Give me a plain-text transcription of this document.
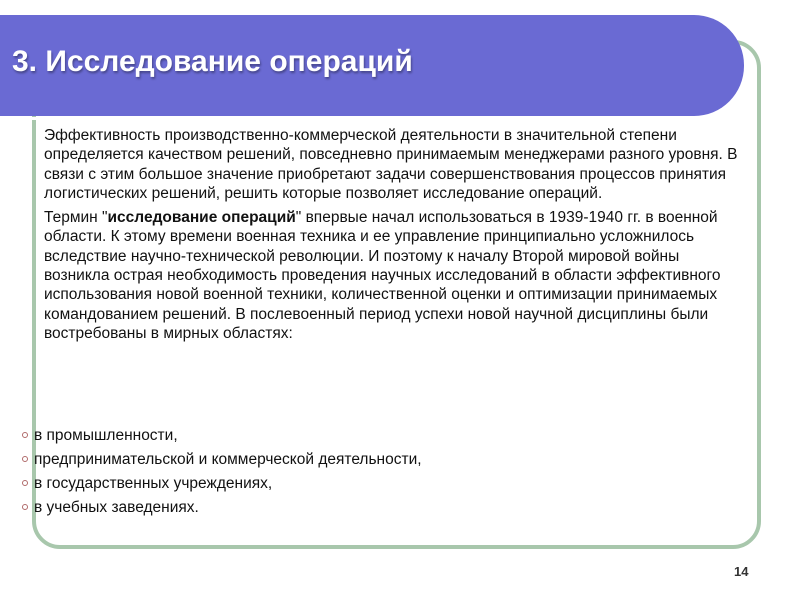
3. Исследование операций

Эффективность производственно-коммерческой деятельности в значительной степени определяется качеством решений, повседневно принимаемым менеджерами разного уровня. В связи с этим большое значение приобретают задачи совершенствования процессов принятия логистических решений, решить которые позволяет исследование операций.

Термин "исследование операций" впервые начал использоваться в 1939-1940 гг. в военной области. К этому времени военная техника и ее управление принципиально усложнилось вследствие научно-технической революции. И поэтому к началу Второй мировой войны возникла острая необходимость проведения научных исследований в области эффективного использования новой военной техники, количественной оценки и оптимизации принимаемых командованием решений. В послевоенный период успехи новой научной дисциплины были востребованы в мирных областях:

в промышленности,
предпринимательской и коммерческой деятельности,
в государственных учреждениях,
в учебных заведениях.
14
